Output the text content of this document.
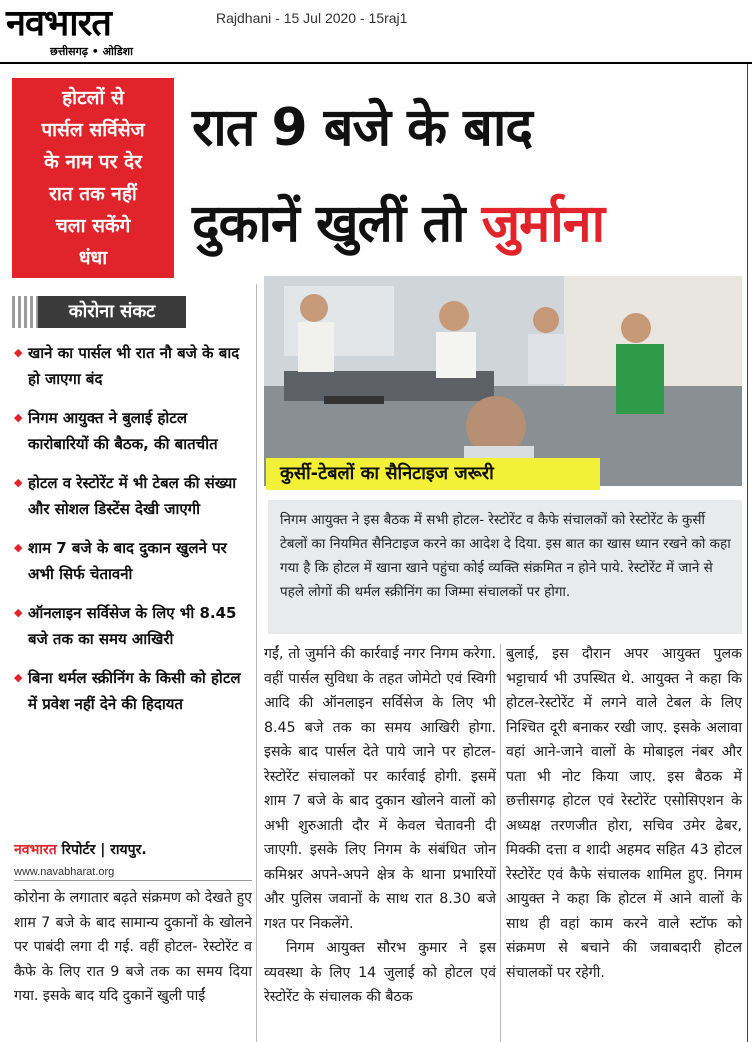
नवभारत
छत्तीसगढ़ • ओडिशा
Rajdhani - 15 Jul 2020 - 15raj1
होटलों से
पार्सल सर्विसेज
के नाम पर देर
रात तक नहीं
चला सकेंगे
धंधा
रात 9 बजे के बाद
दुकानें खुलीं तो जुर्माना
कोरोना संकट
◆ खाने का पार्सल भी रात नौ बजे के बाद हो जाएगा बंद
◆ निगम आयुक्त ने बुलाई होटल कारोबारियों की बैठक, की बातचीत
◆ होटल व रेस्टोरेंट में भी टेबल की संख्या और सोशल डिस्टेंस देखी जाएगी
◆ शाम 7 बजे के बाद दुकान खुलने पर अभी सिर्फ चेतावनी
◆ ऑनलाइन सर्विसेज के लिए भी 8.45 बजे तक का समय आखिरी
◆ बिना थर्मल स्क्रीनिंग के किसी को होटल में प्रवेश नहीं देने की हिदायत
नवभारत रिपोर्टर | रायपुर.
www.navabharat.org
कुर्सी-टेबलों का सैनिटाइज जरूरी
निगम आयुक्त ने इस बैठक में सभी होटल- रेस्टोरेंट व कैफे संचालकों को रेस्टोरेंट के कुर्सी टेबलों का नियमित सैनिटाइज करने का आदेश दे दिया. इस बात का खास ध्यान रखने को कहा गया है कि होटल में खाना खाने पहुंचा कोई व्यक्ति संक्रमित न होने पाये. रेस्टोरेंट में जाने से पहले लोगों की थर्मल स्क्रीनिंग का जिम्मा संचालकों पर होगा.

कोरोना के लगातार बढ़ते संक्रमण को देखते हुए शाम 7 बजे के बाद सामान्य दुकानों के खोलने पर पाबंदी लगा दी गई. वहीं होटल- रेस्टोरेंट व कैफे के लिए रात 9 बजे तक का समय दिया गया. इसके बाद यदि दुकानें खुली पाईं

गईं, तो जुर्माने की कार्रवाई नगर निगम करेगा. वहीं पार्सल सुविधा के तहत जोमेटो एवं स्विगी आदि की ऑनलाइन सर्विसेज के लिए भी 8.45 बजे तक का समय आखिरी होगा. इसके बाद पार्सल देते पाये जाने पर होटल-रेस्टोरेंट संचालकों पर कार्रवाई होगी. इसमें शाम 7 बजे के बाद दुकान खोलने वालों को अभी शुरुआती दौर में केवल चेतावनी दी जाएगी. इसके लिए निगम के संबंधित जोन कमिश्नर अपने-अपने क्षेत्र के थाना प्रभारियों और पुलिस जवानों के साथ रात 8.30 बजे गश्त पर निकलेंगे.

निगम आयुक्त सौरभ कुमार ने इस व्यवस्था के लिए 14 जुलाई को होटल एवं रेस्टोरेंट के संचालक की बैठक

बुलाई, इस दौरान अपर आयुक्त पुलक भट्टाचार्य भी उपस्थित थे. आयुक्त ने कहा कि होटल-रेस्टोरेंट में लगने वाले टेबल के लिए निश्चित दूरी बनाकर रखी जाए. इसके अलावा वहां आने-जाने वालों के मोबाइल नंबर और पता भी नोट किया जाए. इस बैठक में छत्तीसगढ़ होटल एवं रेस्टोरेंट एसोसिएशन के अध्यक्ष तरणजीत होरा, सचिव उमेर ढेबर, मिक्की दत्ता व शादी अहमद सहित 43 होटल रेस्टोरेंट एवं कैफे संचालक शामिल हुए. निगम आयुक्त ने कहा कि होटल में आने वालों के साथ ही वहां काम करने वाले स्टॉफ को संक्रमण से बचाने की जवाबदारी होटल संचालकों पर रहेगी.
